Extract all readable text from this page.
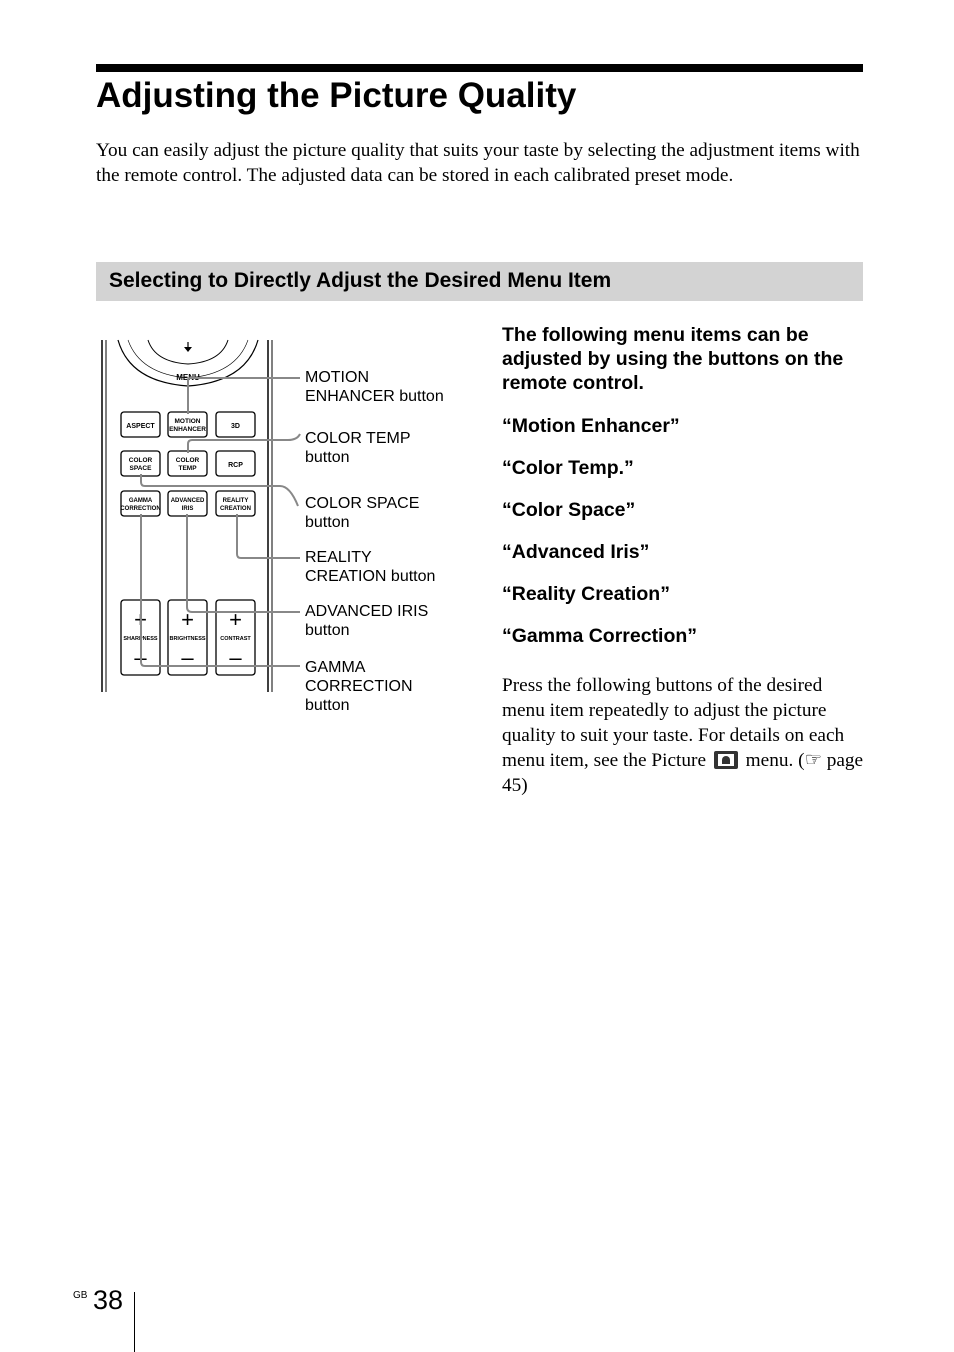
Adjusting the Picture Quality

You can easily adjust the picture quality that suits your taste by selecting the adjustment items with the remote control. The adjusted data can be stored in each calibrated preset mode.

Selecting to Directly Adjust the Desired Menu Item
MENU
ASPECT
MOTION
ENHANCER	3D
COLOR
SPACE
COLOR
TEMP	RCP
GAMMA
CORRECTION
ADVANCED
IRIS
REALITY
CREATION
+
SHARPNESS
–
+
BRIGHTNESS
–
+
CONTRAST
–

MOTION
ENHANCER button

COLOR TEMP
button

COLOR SPACE
button

REALITY
CREATION button

ADVANCED IRIS
button

GAMMA
CORRECTION
button

The following menu items can be adjusted by using the buttons on the remote control.

“Motion Enhancer”
“Color Temp.”
“Color Space”
“Advanced Iris”
“Reality Creation”
“Gamma Correction”

Press the following buttons of the desired menu item repeatedly to adjust the picture quality to suit your taste. For details on each menu item, see the Picture menu. (☞ page 45)

GB 38
